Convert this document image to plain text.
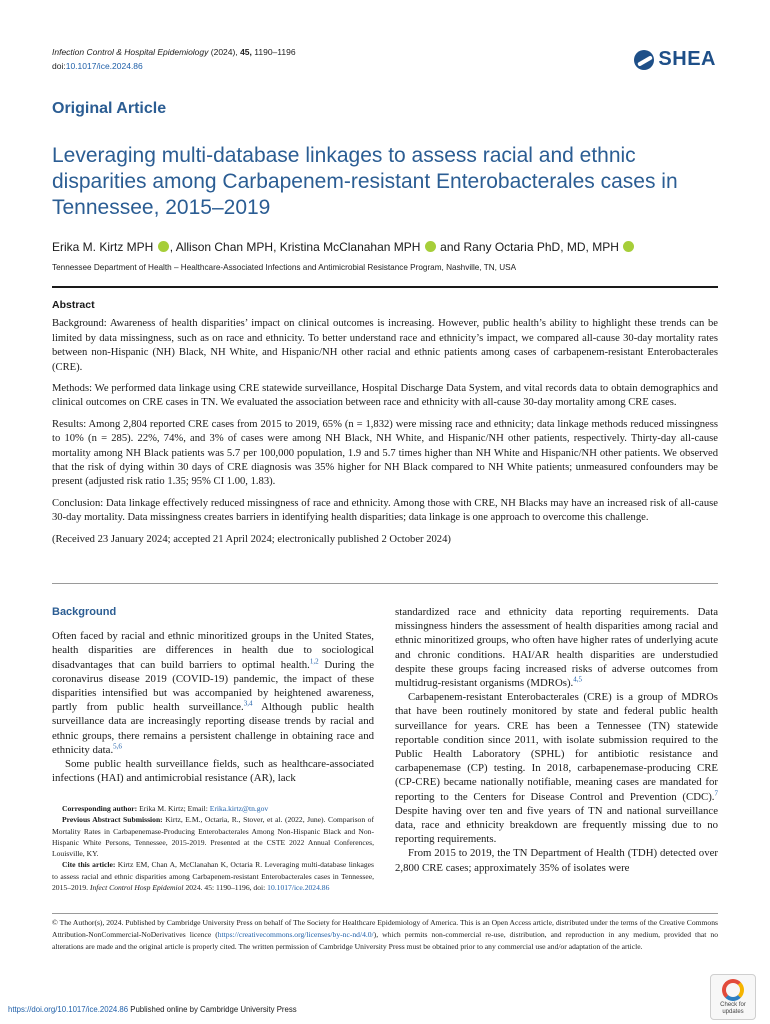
Infection Control & Hospital Epidemiology (2024), 45, 1190–1196
doi:10.1017/ice.2024.86	SHEA
Original Article
Leveraging multi-database linkages to assess racial and ethnic disparities among Carbapenem-resistant Enterobacterales cases in Tennessee, 2015–2019
Erika M. Kirtz MPH , Allison Chan MPH, Kristina McClanahan MPH and Rany Octaria PhD, MD, MPH
Tennessee Department of Health – Healthcare-Associated Infections and Antimicrobial Resistance Program, Nashville, TN, USA
Abstract

Background: Awareness of health disparities’ impact on clinical outcomes is increasing. However, public health’s ability to highlight these trends can be limited by data missingness, such as on race and ethnicity. To better understand race and ethnicity’s impact, we compared all-cause 30-day mortality rates between non-Hispanic (NH) Black, NH White, and Hispanic/NH other racial and ethnic patients among cases of carbapenem-resistant Enterobacterales (CRE).

Methods: We performed data linkage using CRE statewide surveillance, Hospital Discharge Data System, and vital records data to obtain demographics and clinical outcomes on CRE cases in TN. We evaluated the association between race and ethnicity with all-cause 30-day mortality among CRE cases.

Results: Among 2,804 reported CRE cases from 2015 to 2019, 65% (n = 1,832) were missing race and ethnicity; data linkage methods reduced missingness to 10% (n = 285). 22%, 74%, and 3% of cases were among NH Black, NH White, and Hispanic/NH other patients, respectively. Thirty-day all-cause mortality among NH Black patients was 5.7 per 100,000 population, 1.9 and 5.7 times higher than NH White and Hispanic/NH other patients. We observed that the risk of dying within 30 days of CRE diagnosis was 35% higher for NH Black compared to NH White patients; unmeasured confounders may be present (adjusted risk ratio 1.35; 95% CI 1.00, 1.83).

Conclusion: Data linkage effectively reduced missingness of race and ethnicity. Among those with CRE, NH Blacks may have an increased risk of all-cause 30-day mortality. Data missingness creates barriers in identifying health disparities; data linkage is one approach to overcome this challenge.

(Received 23 January 2024; accepted 21 April 2024; electronically published 2 October 2024)

Background

Often faced by racial and ethnic minoritized groups in the United States, health disparities are differences in health due to sociological disadvantages that can build barriers to optimal health.$^{1,2}$ During the coronavirus disease 2019 (COVID-19) pandemic, the impact of these disparities intensified but was accompanied by heightened awareness, partly from public health surveillance.$^{3,4}$ Although public health surveillance data are increasingly reporting disease trends by racial and ethnic groups, there remains a persistent challenge in obtaining race and ethnicity data.$^{5,6}$

Some public health surveillance fields, such as healthcare-associated infections (HAI) and antimicrobial resistance (AR), lack

Corresponding author: Erika M. Kirtz; Email: Erika.kirtz@tn.gov

Previous Abstract Submission: Kirtz, E.M., Octaria, R., Stover, et al. (2022, June). Comparison of Mortality Rates in Carbapenemase-Producing Enterobacterales Among Non-Hispanic Black and Non-Hispanic White Persons, Tennessee, 2015-2019. Presented at the CSTE 2022 Annual Conferences, Louisville, KY.

Cite this article: Kirtz EM, Chan A, McClanahan K, Octaria R. Leveraging multi-database linkages to assess racial and ethnic disparities among Carbapenem-resistant Enterobacterales cases in Tennessee, 2015–2019. Infect Control Hosp Epidemiol 2024. 45: 1190–1196, doi: 10.1017/ice.2024.86

standardized race and ethnicity data reporting requirements. Data missingness hinders the assessment of health disparities among racial and ethnic minoritized groups, who often have higher rates of underlying acute and chronic conditions. HAI/AR health disparities are understudied despite these groups facing increased risks of adverse outcomes from multidrug-resistant organisms (MDROs).$^{4,5}$

Carbapenem-resistant Enterobacterales (CRE) is a group of MDROs that have been routinely monitored by state and federal public health surveillance for years. CRE has been a Tennessee (TN) statewide reportable condition since 2011, with isolate submission required to the Public Health Laboratory (SPHL) for antibiotic resistance and carbapenemase (CP) testing. In 2018, carbapenemase-producing CRE (CP-CRE) became nationally notifiable, meaning cases are mandated for reporting to the Centers for Disease Control and Prevention (CDC).$^7$ Despite having over ten and five years of TN and national surveillance data, race and ethnicity breakdown are frequently missing due to no reporting requirements.

From 2015 to 2019, the TN Department of Health (TDH) detected over 2,800 CRE cases; approximately 35% of isolates were

© The Author(s), 2024. Published by Cambridge University Press on behalf of The Society for Healthcare Epidemiology of America. This is an Open Access article, distributed under the terms of the Creative Commons Attribution-NonCommercial-NoDerivatives licence (https://creativecommons.org/licenses/by-nc-nd/4.0/), which permits non-commercial re-use, distribution, and reproduction in any medium, provided that no alterations are made and the original article is properly cited. The written permission of Cambridge University Press must be obtained prior to any commercial use and/or adaptation of the article.
https://doi.org/10.1017/ice.2024.86 Published online by Cambridge University Press	Check for
updates
